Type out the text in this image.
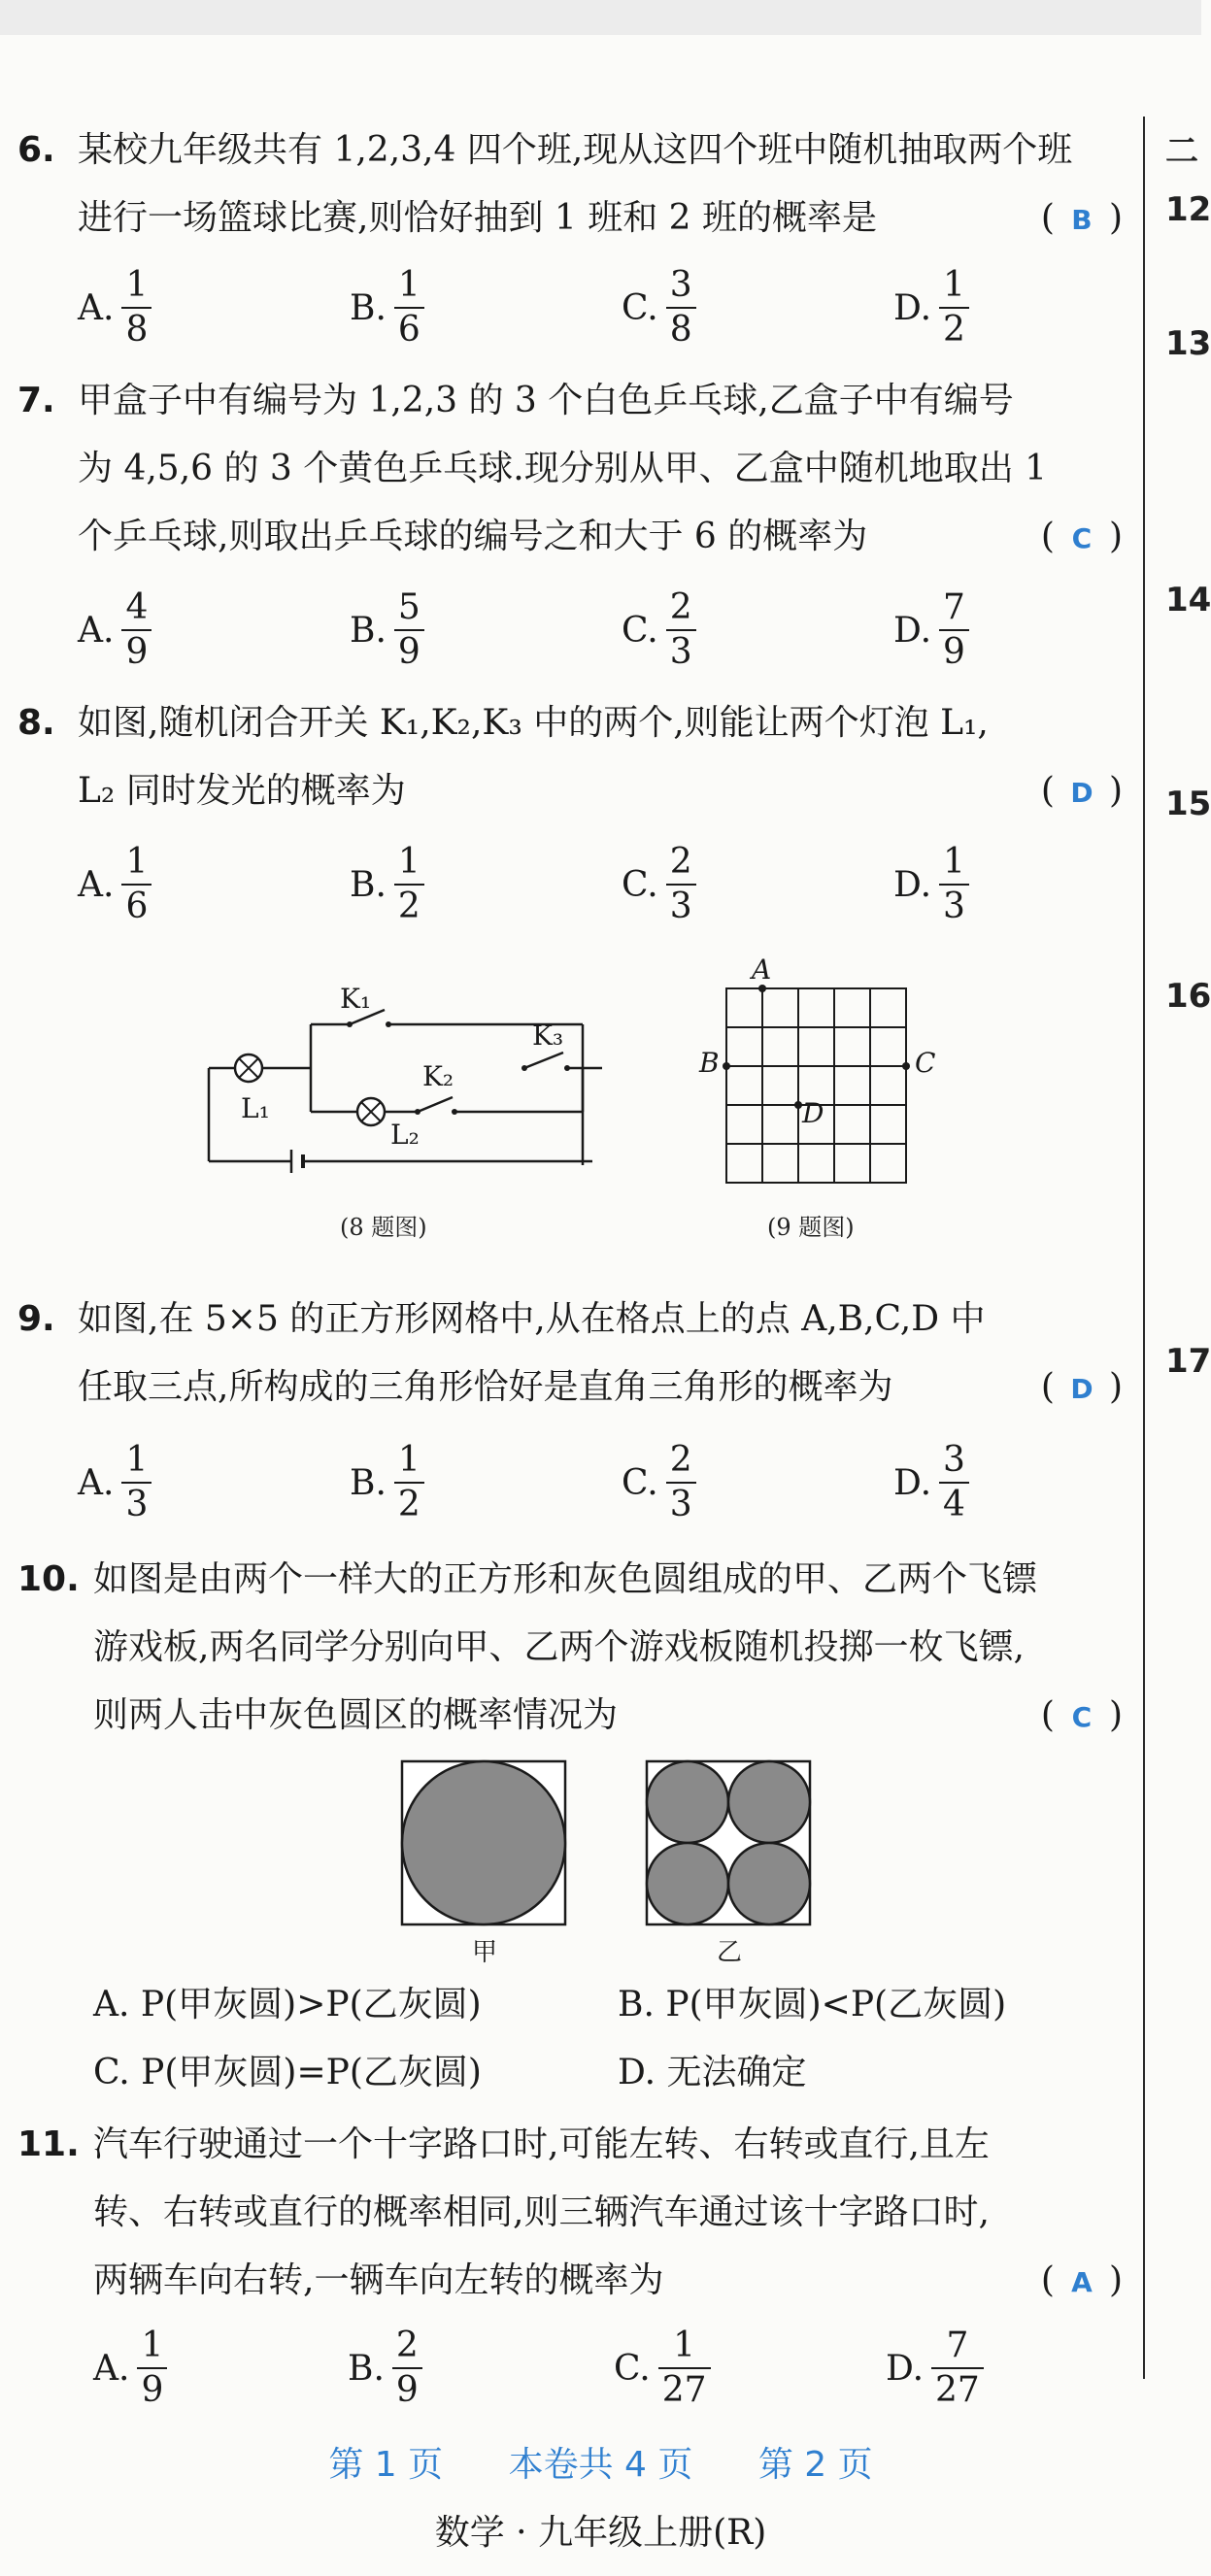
二
12
13
14
15
16
17
6. 某校九年级共有 1,2,3,4 四个班,现从这四个班中随机抽取两个班
进行一场篮球比赛,则恰好抽到 1 班和 2 班的概率是	( B )
A. $\frac{1}{8}$	B. $\frac{1}{6}$	C. $\frac{3}{8}$	D. $\frac{1}{2}$
7. 甲盒子中有编号为 1,2,3 的 3 个白色乒乓球,乙盒子中有编号
为 4,5,6 的 3 个黄色乒乓球.现分别从甲、乙盒中随机地取出 1
个乒乓球,则取出乒乓球的编号之和大于 6 的概率为	( C )
A. $\frac{4}{9}$	B. $\frac{5}{9}$	C. $\frac{2}{3}$	D. $\frac{7}{9}$
8. 如图,随机闭合开关 K₁,K₂,K₃ 中的两个,则能让两个灯泡 L₁,
L₂ 同时发光的概率为	( D )
A. $\frac{1}{6}$	B. $\frac{1}{2}$	C. $\frac{2}{3}$	D. $\frac{1}{3}$
K₁
K₂
K₃
L₁
L₂
(8 题图)
A
B	C
D
(9 题图)
9. 如图,在 5×5 的正方形网格中,从在格点上的点 A,B,C,D 中
任取三点,所构成的三角形恰好是直角三角形的概率为	( D )
A. $\frac{1}{3}$	B. $\frac{1}{2}$	C. $\frac{2}{3}$	D. $\frac{3}{4}$
10. 如图是由两个一样大的正方形和灰色圆组成的甲、乙两个飞镖
游戏板,两名同学分别向甲、乙两个游戏板随机投掷一枚飞镖,
则两人击中灰色圆区的概率情况为	( C )
甲	乙
A. P(甲灰圆)>P(乙灰圆)	B. P(甲灰圆)<P(乙灰圆)
C. P(甲灰圆)=P(乙灰圆)	D. 无法确定
11. 汽车行驶通过一个十字路口时,可能左转、右转或直行,且左
转、右转或直行的概率相同,则三辆汽车通过该十字路口时,
两辆车向右转,一辆车向左转的概率为	( A )
A. $\frac{1}{9}$	B. $\frac{2}{9}$	C. $\frac{1}{27}$	D. $\frac{7}{27}$
第 1 页 本卷共 4 页 第 2 页
数学 · 九年级上册(R)
